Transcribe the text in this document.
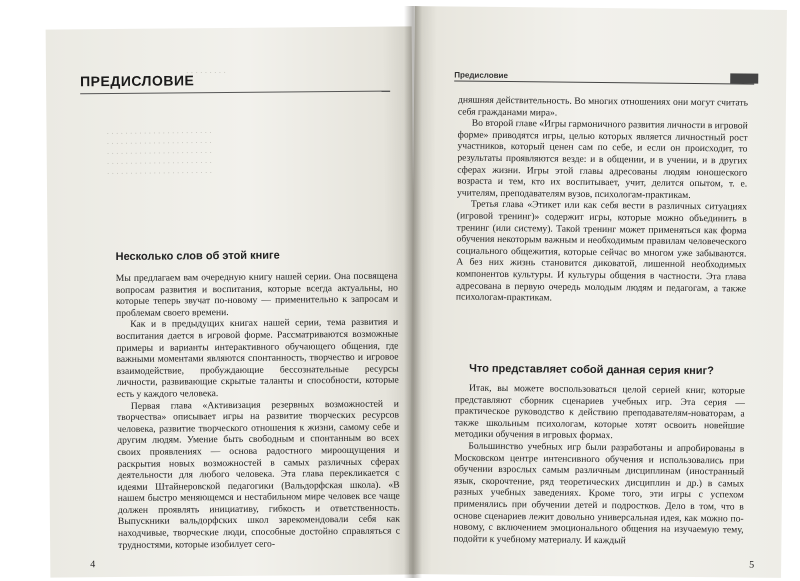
· · · · · · · · ·
· · · · · · · · · · · · · · · · · · · · · · ·
· · · · · · · · · · · · · · · · · · · · · · ·
· · · · · · · · · · · · · · · · · · · · · · ·
· · · · · · · · · · · · · · · · · · · · · · ·
· · · · · · · · · · · · · · · · · · · · · · ·
ПРЕДИСЛОВИЕ
Несколько слов об этой книге

Мы предлагаем вам очередную книгу нашей серии. Она посвящена вопросам развития и воспитания, которые всегда актуальны, но которые теперь звучат по-новому — применительно к запросам и проблемам своего времени.

Как и в предыдущих книгах нашей серии, тема развития и воспитания дается в игровой форме. Рассматриваются возможные примеры и варианты интерактивного обучающего общения, где важными моментами являются спонтанность, творчество и игровое взаимодействие, пробуждающие бессознательные ресурсы личности, развивающие скрытые таланты и способности, которые есть у каждого человека.

Первая глава «Активизация резервных возможностей и творчества» описывает игры на развитие творческих ресурсов человека, развитие творческого отношения к жизни, самому себе и другим людям. Умение быть свободным и спонтанным во всех своих проявлениях — основа радостного мироощущения и раскрытия новых возможностей в самых различных сферах деятельности для любого человека. Эта глава перекликается с идеями Штайнеровской педагогики (Вальдорфская школа). «В нашем быстро меняющемся и нестабильном мире человек все чаще должен проявлять инициативу, гибкость и ответственность. Выпускники вальдорфских школ зарекомендовали себя как находчивые, творческие люди, способные достойно справляться с трудностями, которые изобилует сего-

4
Предисловие

дняшняя действительность. Во многих отношениях они могут считать себя гражданами мира».

Во второй главе «Игры гармоничного развития личности в игровой форме» приводятся игры, целью которых является личностный рост участников, который ценен сам по себе, и если он происходит, то результаты проявляются везде: и в общении, и в учении, и в других сферах жизни. Игры этой главы адресованы людям юношеского возраста и тем, кто их воспитывает, учит, делится опытом, т. е. учителям, преподавателям вузов, психологам-практикам.

Третья глава «Этикет или как себя вести в различных ситуациях (игровой тренинг)» содержит игры, которые можно объединить в тренинг (или систему). Такой тренинг может применяться как форма обучения некоторым важным и необходимым правилам человеческого социального общежития, которые сейчас во многом уже забываются. А без них жизнь становится диковатой, лишенной необходимых компонентов культуры. И культуры общения в частности. Эта глава адресована в первую очередь молодым людям и педагогам, а также психологам-практикам.

Что представляет собой данная серия книг?

Итак, вы можете воспользоваться целой серией книг, которые представляют сборник сценариев учебных игр. Эта серия — практическое руководство к действию преподавателям-новаторам, а также школьным психологам, которые хотят освоить новейшие методики обучения в игровых формах.

Большинство учебных игр были разработаны и апробированы в Московском центре интенсивного обучения и использовались при обучении взрослых самым различным дисциплинам (иностранный язык, скорочтение, ряд теоретических дисциплин и др.) в самых разных учебных заведениях. Кроме того, эти игры с успехом применялись при обучении детей и подростков. Дело в том, что в основе сценариев лежит довольно универсальная идея, как можно по-новому, с включением эмоционального общения на изучаемую тему, подойти к учебному материалу. И каждый

5
